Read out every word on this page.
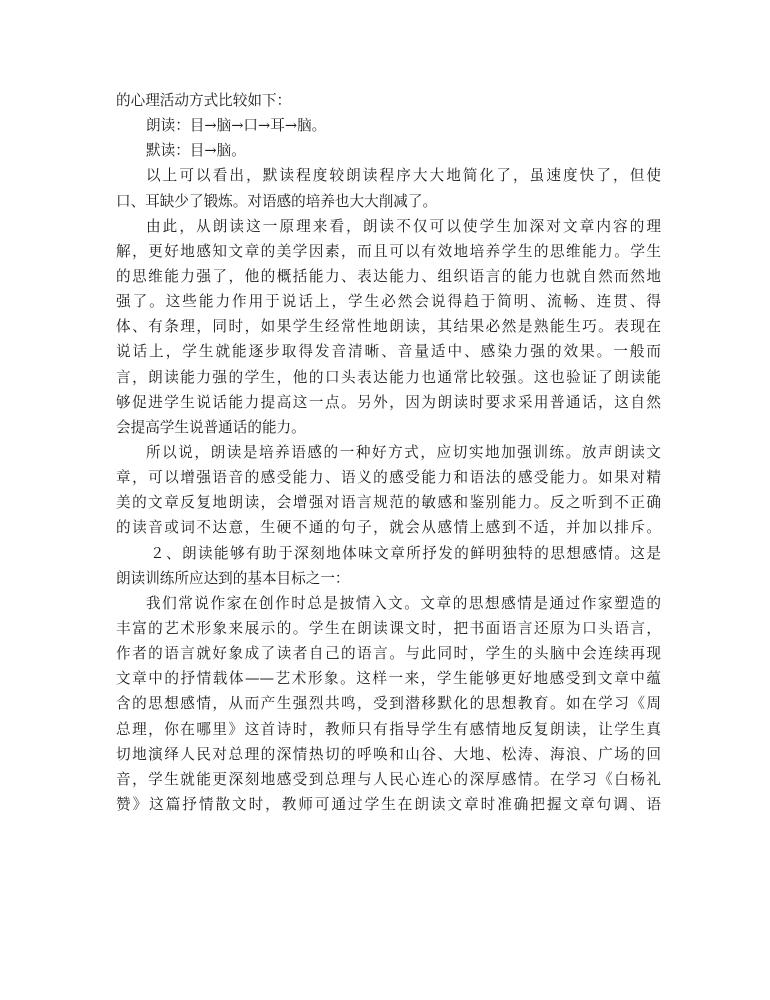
的心理活动方式比较如下：
朗读：目→脑→口→耳→脑。
默读：目→脑。
以上可以看出，默读程度较朗读程序大大地简化了，虽速度快了，但使
口、耳缺少了锻炼。对语感的培养也大大削减了。
由此，从朗读这一原理来看，朗读不仅可以使学生加深对文章内容的理
解，更好地感知文章的美学因素，而且可以有效地培养学生的思维能力。学生
的思维能力强了，他的概括能力、表达能力、组织语言的能力也就自然而然地
强了。这些能力作用于说话上，学生必然会说得趋于简明、流畅、连贯、得
体、有条理，同时，如果学生经常性地朗读，其结果必然是熟能生巧。表现在
说话上，学生就能逐步取得发音清晰、音量适中、感染力强的效果。一般而
言，朗读能力强的学生，他的口头表达能力也通常比较强。这也验证了朗读能
够促进学生说话能力提高这一点。另外，因为朗读时要求采用普通话，这自然
会提高学生说普通话的能力。
所以说，朗读是培养语感的一种好方式，应切实地加强训练。放声朗读文
章，可以增强语音的感受能力、语义的感受能力和语法的感受能力。如果对精
美的文章反复地朗读，会增强对语言规范的敏感和鉴别能力。反之听到不正确
的读音或词不达意，生硬不通的句子，就会从感情上感到不适，并加以排斥。
２、朗读能够有助于深刻地体味文章所抒发的鲜明独特的思想感情。这是
朗读训练所应达到的基本目标之一：
我们常说作家在创作时总是披情入文。文章的思想感情是通过作家塑造的
丰富的艺术形象来展示的。学生在朗读课文时，把书面语言还原为口头语言，
作者的语言就好象成了读者自己的语言。与此同时，学生的头脑中会连续再现
文章中的抒情载体——艺术形象。这样一来，学生能够更好地感受到文章中蕴
含的思想感情，从而产生强烈共鸣，受到潜移默化的思想教育。如在学习《周
总理，你在哪里》这首诗时，教师只有指导学生有感情地反复朗读，让学生真
切地演绎人民对总理的深情热切的呼唤和山谷、大地、松涛、海浪、广场的回
音，学生就能更深刻地感受到总理与人民心连心的深厚感情。在学习《白杨礼
赞》这篇抒情散文时，教师可通过学生在朗读文章时准确把握文章句调、语
